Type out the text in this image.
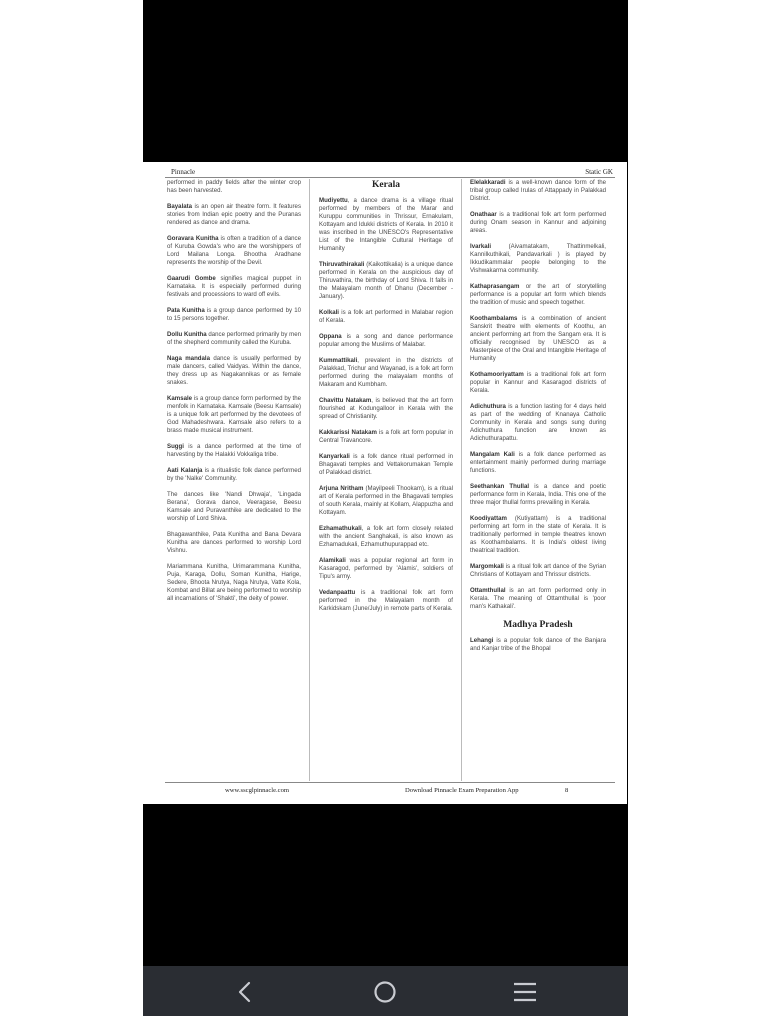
Pinnacle	Static GK
performed in paddy fields after the winter crop has been harvested.
Bayalata is an open air theatre form. It features stories from Indian epic poetry and the Puranas rendered as dance and drama.
Goravara Kunitha is often a tradition of a dance of Kuruba Gowda's who are the worshippers of Lord Mailana Longa. Bhootha Aradhane represents the worship of the Devil.
Gaarudi Gombe signifies magical puppet in Karnataka. It is especially performed during festivals and processions to ward off evils.
Pata Kunitha is a group dance performed by 10 to 15 persons together.
Dollu Kunitha dance performed primarily by men of the shepherd community called the Kuruba.
Naga mandala dance is usually performed by male dancers, called Vaidyas. Within the dance, they dress up as Nagakannikas or as female snakes.
Kamsale is a group dance form performed by the menfolk in Karnataka. Kamsale (Beesu Kamsale) is a unique folk art performed by the devotees of God Mahadeshwara. Kamsale also refers to a brass made musical instrument.
Suggi is a dance performed at the time of harvesting by the Halakki Vokkaliga tribe.
Aati Kalanja is a ritualistic folk dance performed by the 'Nalke' Community.
The dances like 'Nandi Dhwaja', 'Lingada Berana', Gorava dance, Veeragase, Beesu Kamsale and Puravanthike are dedicated to the worship of Lord Shiva.
Bhagawanthike, Pata Kunitha and Bana Devara Kunitha are dances performed to worship Lord Vishnu.
Mariammana Kunitha, Urimarammana Kunitha, Puja, Karaga, Dollu, Soman Kunitha, Harige, Sedere, Bhoota Nrutya, Naga Nrutya, Vatte Kola, Kombat and Billat are being performed to worship all incarnations of 'Shakti', the deity of power.
Kerala
Mudiyettu, a dance drama is a village ritual performed by members of the Marar and Kuruppu communities in Thrissur, Ernakulam, Kottayam and Idukki districts of Kerala. In 2010 it was inscribed in the UNESCO's Representative List of the Intangible Cultural Heritage of Humanity
Thiruvathirakali (Kaikottikalia) is a unique dance performed in Kerala on the auspicious day of Thiruvathira, the birthday of Lord Shiva. It falls in the Malayalam month of Dhanu (December - January).
Kolkali is a folk art performed in Malabar region of Kerala.
Oppana is a song and dance performance popular among the Muslims of Malabar.
Kummattikali, prevalent in the districts of Palakkad, Trichur and Wayanad, is a folk art form performed during the malayalam months of Makaram and Kumbham.
Chavittu Natakam, is believed that the art form flourished at Kodungalloor in Kerala with the spread of Christianity.
Kakkarissi Natakam is a folk art form popular in Central Travancore.
Kanyarkali is a folk dance ritual performed in Bhagavati temples and Vettakorumakan Temple of Palakkad district.
Arjuna Nritham (Mayilpeeli Thookam), is a ritual art of Kerala performed in the Bhagavati temples of south Kerala, mainly at Kollam, Alappuzha and Kottayam.
Ezhamathukali, a folk art form closely related with the ancient Sanghakali, is also known as Ezhamadukali, Ezhamuthupurappad etc.
Alamikali was a popular regional art form in Kasaragod, performed by 'Alamis', soldiers of Tipu's army.
Vedanpaattu is a traditional folk art form performed in the Malayalam month of Karkidskam (June/July) in remote parts of Kerala.
Elelakkaradi is a well-known dance form of the tribal group called Irulas of Attappady in Palakkad District.
Onathaar is a traditional folk art form performed during Onam season in Kannur and adjoining areas.
Ivarkali (Aivamatakam, Thattinmelkali, Kannilkuthikali, Pandavarkali ) is played by Ikkudikammalar people belonging to the Vishwakarma community.
Kathaprasangam or the art of storytelling performance is a popular art form which blends the tradition of music and speech together.
Koothambalams is a combination of ancient Sanskrit theatre with elements of Koothu, an ancient performing art from the Sangam era. It is officially recognised by UNESCO as a Masterpiece of the Oral and Intangible Heritage of Humanity
Kothamooriyattam is a traditional folk art form popular in Kannur and Kasaragod districts of Kerala.
Adichuthura is a function lasting for 4 days held as part of the wedding of Knanaya Catholic Community in Kerala and songs sung during Adichuthura function are known as Adichuthurapattu.
Mangalam Kali is a folk dance performed as entertainment mainly performed during marriage functions.
Seethankan Thullal is a dance and poetic performance form in Kerala, India. This one of the three major thullal forms prevailing in Kerala.
Koodiyattam (Kutiyattam) is a traditional performing art form in the state of Kerala. It is traditionally performed in temple theatres known as Koothambalams. It is India's oldest living theatrical tradition.
Margomkali is a ritual folk art dance of the Syrian Christians of Kottayam and Thrissur districts.
Ottamthullal is an art form performed only in Kerala. The meaning of Ottamthullal is 'poor man's Kathakali'.
Madhya Pradesh
Lehangi is a popular folk dance of the Banjara and Kanjar tribe of the Bhopal
www.sscglpinnacle.com	Download Pinnacle Exam Preparation App	8
